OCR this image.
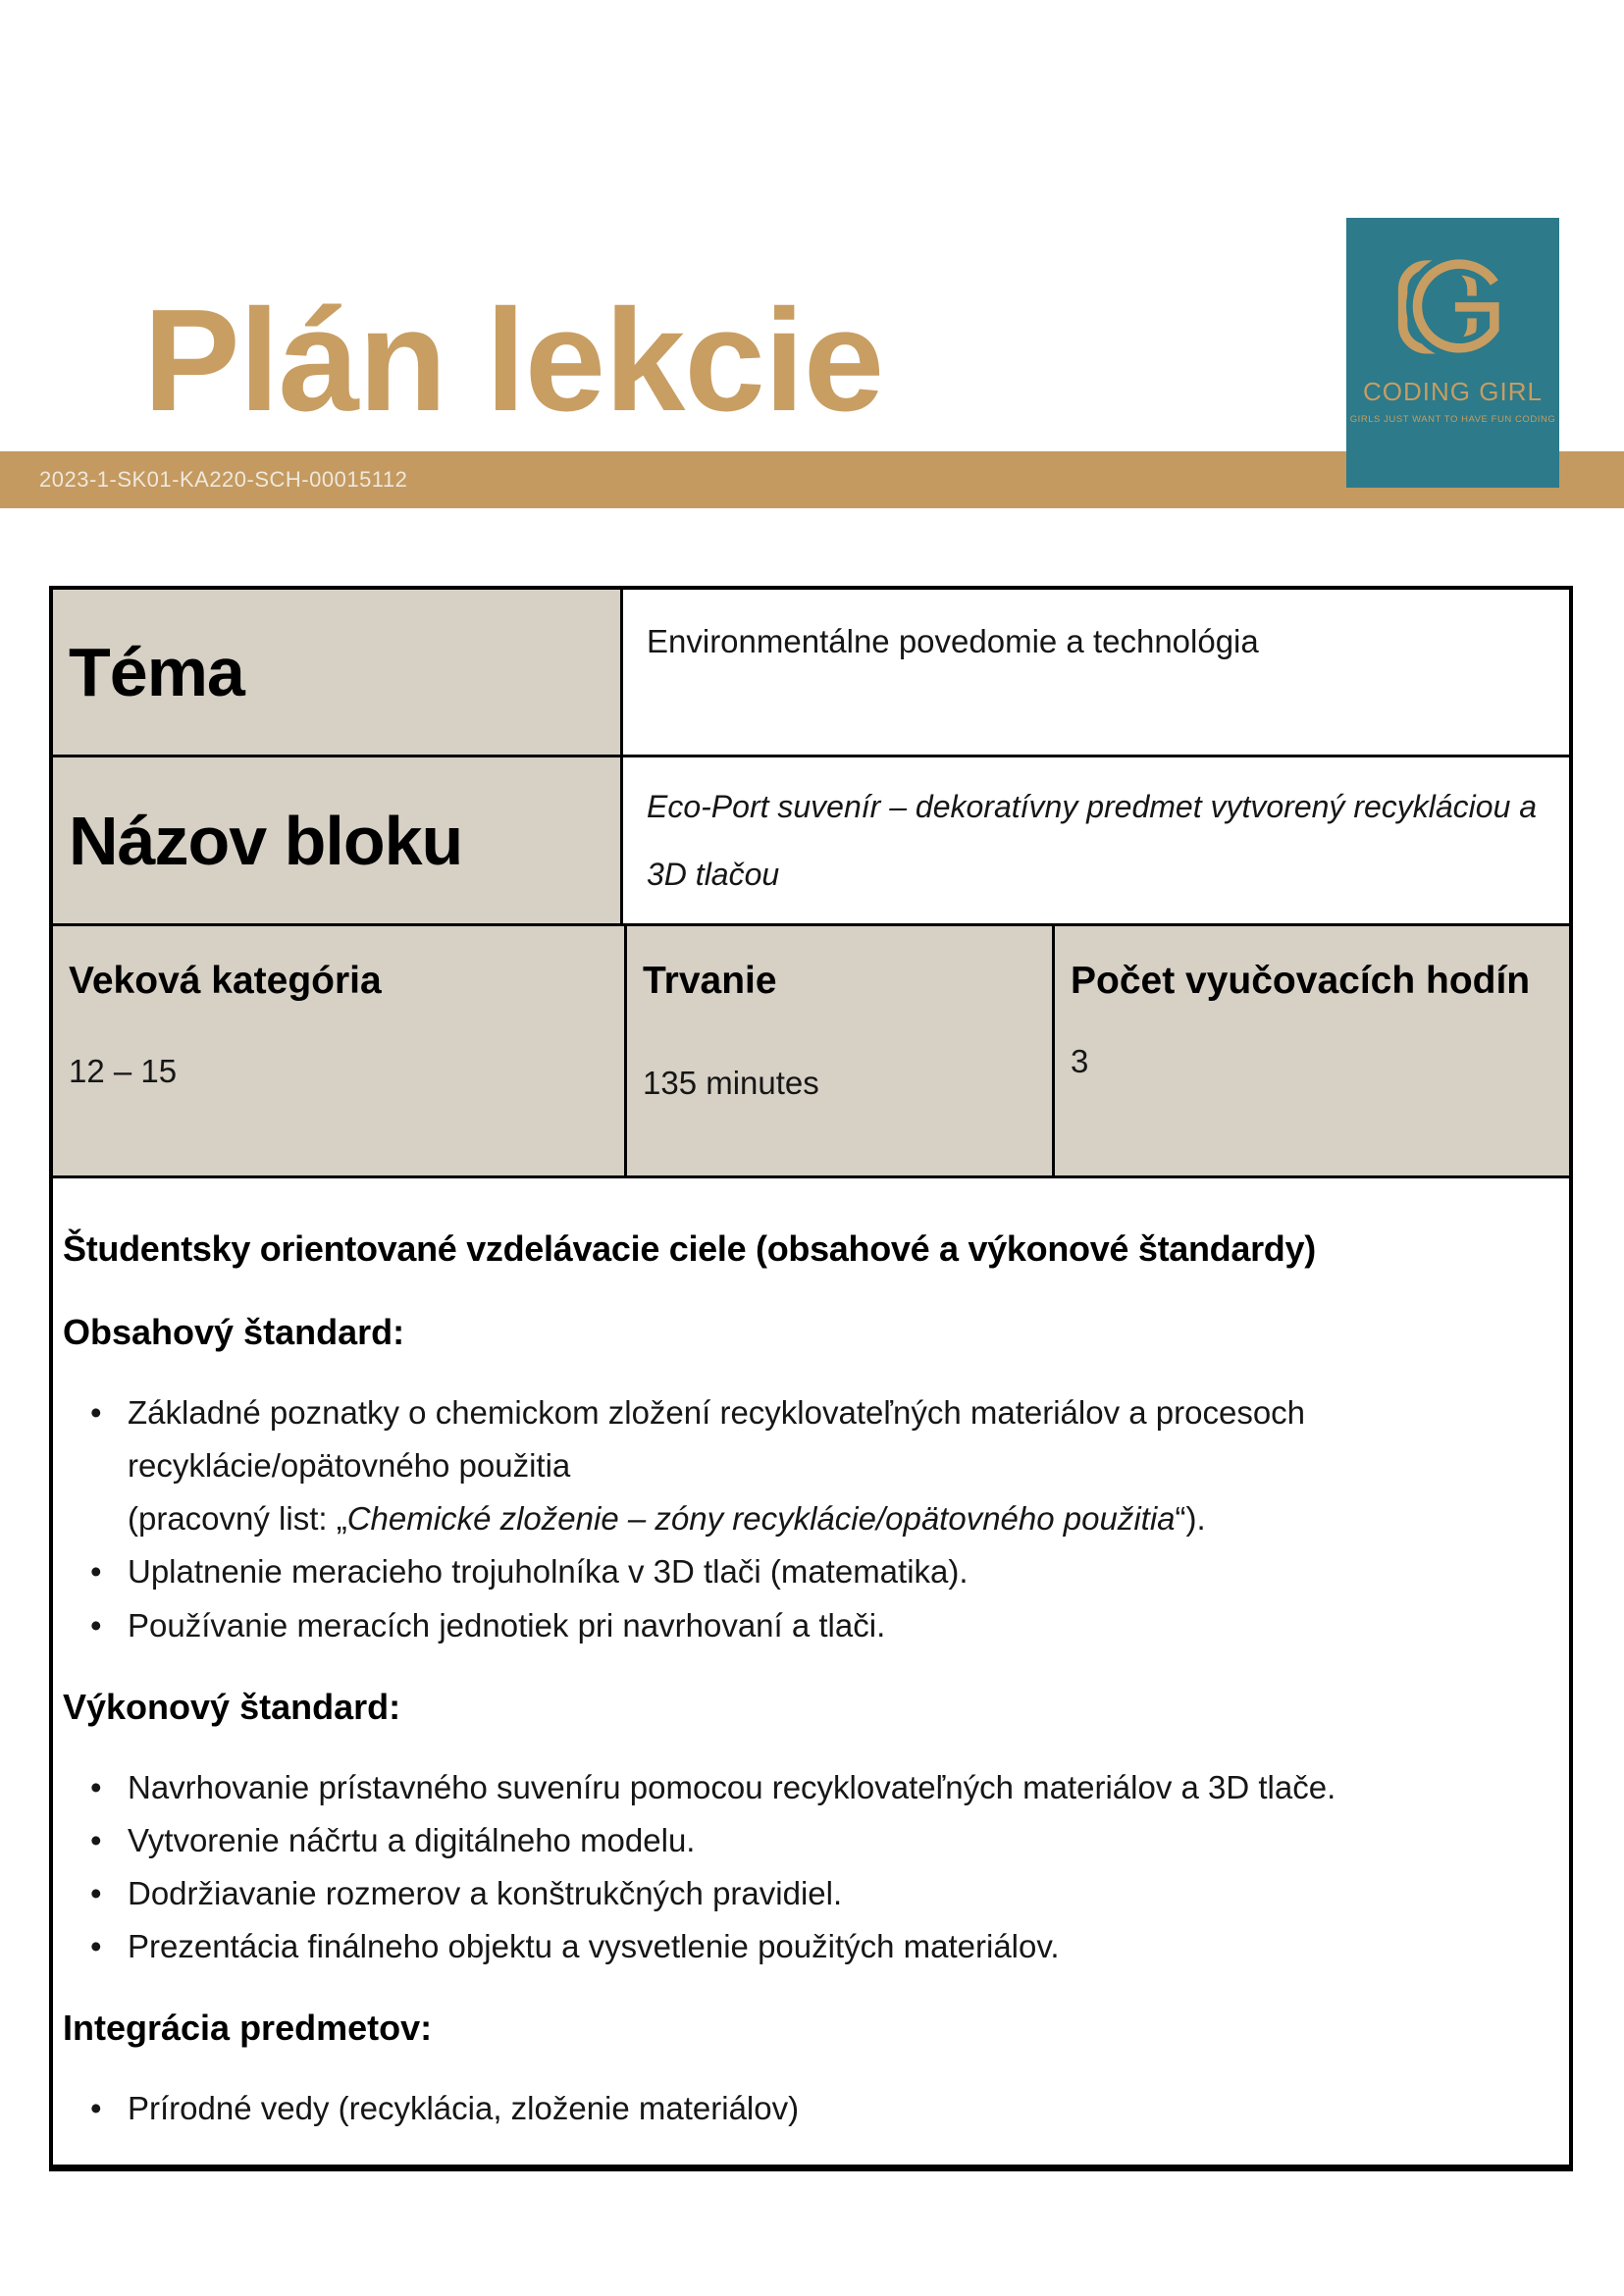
Plán lekcie
2023-1-SK01-KA220-SCH-00015112
CODING GIRL
GIRLS JUST WANT TO HAVE FUN CODING
Téma	Environmentálne povedomie a technológia
Názov bloku	Eco-Port suvenír – dekoratívny predmet vytvorený recykláciou a 3D tlačou
Veková kategória
12 – 15
Trvanie
135 minutes
Počet vyučovacích hodín
3
Študentsky orientované vzdelávacie ciele (obsahové a výkonové štandardy)
Obsahový štandard:
• Základné poznatky o chemickom zložení recyklovateľných materiálov a procesoch recyklácie/opätovného použitia
(pracovný list: „Chemické zloženie – zóny recyklácie/opätovného použitia“).
• Uplatnenie meracieho trojuholníka v 3D tlači (matematika).
• Používanie meracích jednotiek pri navrhovaní a tlači.
Výkonový štandard:
• Navrhovanie prístavného suveníru pomocou recyklovateľných materiálov a 3D tlače.
• Vytvorenie náčrtu a digitálneho modelu.
• Dodržiavanie rozmerov a konštrukčných pravidiel.
• Prezentácia finálneho objektu a vysvetlenie použitých materiálov.
Integrácia predmetov:
• Prírodné vedy (recyklácia, zloženie materiálov)
